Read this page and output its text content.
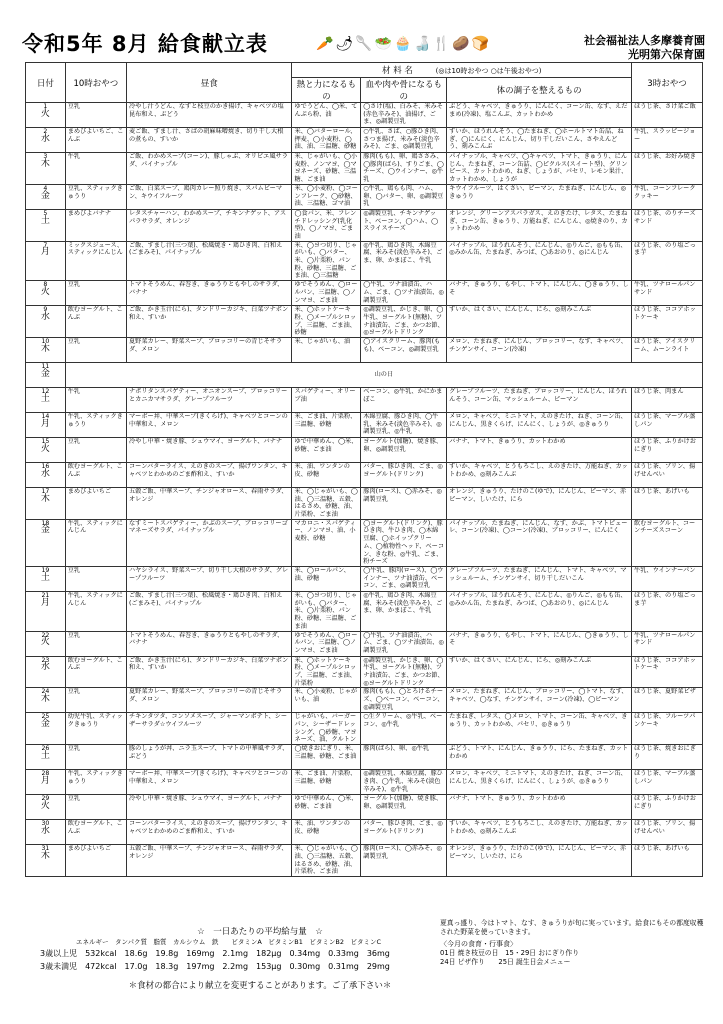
令和5年 8月 給食献立表	🥕🌶🥄🥗🧁🍶🍴🥔🍞	社会福祉法人多摩養育園
光明第六保育園
日付	10時おやつ	昼食	材 料 名 (◎は10時おやつ ○は午後おやつ)			3時おやつ
			熱と力になるもの	血や肉や骨になるもの	体の調子を整えるもの	
1
火	豆乳	冷やし汁うどん、なすと枝豆のかき揚げ、キャベツの塩昆布和え、ぶどう	ゆでうどん、◯米、てんぷら粉、油	◯さけ(塩)、白みそ、米みそ(赤色辛みそ)、油揚げ、ごま、◎調製豆乳	ぶどう、キャベツ、きゅうり、にんにく、コーン缶、なす、えだまめ(冷凍)、塩こんぶ、カットわかめ	ほうじ茶、さけ菜ご飯
2
水	まめびよいちご、こんぶ	麦ご飯、すまし汁、さばの胡麻味噌焼き、切り干し大根の煮もの、すいか	米、◯バターロール、押麦、◯小麦粉、◯油、油、三温糖、砂糖	○牛乳、さば、○豚ひき肉、さつま揚げ、米みそ(淡色辛みそ)、ごま、◎調製豆乳	すいか、ほうれんそう、◯たまねぎ、◯ホールトマト缶詰、ねぎ、◯にんにく、にんじん、切り干しだいこん、さやえんどう、刻みこんぶ	牛乳、スラッピージョー
3
木	牛乳	ご飯、わかめスープ(コーン)、豚しゃぶ、オリビエ風サラダ、パイナップル	米、じゃがいも、◯小麦粉、ノンマヨ、◯マヨネーズ、砂糖、三温糖、ごま油	豚肉(もも)、卵、鶏ささみ、◯豚肉(ばら)、すりごま、◯チーズ、◯ウインナー、◎牛乳	パイナップル、キャベツ、◯キャベツ、トマト、きゅうり、にんじん、たまねぎ、コーン缶詰、◯ピクルス(スイート型)、グリンピース、カットわかめ、ねぎ、しょうが、パセリ、レモン果汁、カットわかめ、しょうが	ほうじ茶、お好み焼き
4
金	豆乳、スティックきゅうり	ご飯、白菜スープ、鶏肉カレー照り焼き、スパムビーマン、キウイフルーツ	米、◯小麦粉、◯コーンフレーク、◯砂糖、油、三温糖、ゴマ油	○牛乳、鶏もも肉、ハム、卵、◯バター、卵、◎調製豆乳	キウイフルーツ、はくさい、ピーマン、たまねぎ、にんじん、◎きゅうり	牛乳、コーンフレーククッキー
5
土	まめびよバナナ	レタスチャーハン、わかめスープ、チキンナゲット、アスパラサラダ、オレンジ	◯食パン、米、フレンチドレッシング(乳化型)、◯ノマヨ、ごま油	◎調製豆乳、チキンナゲット、ベーコン、◯ハム、◯スライスチーズ	オレンジ、グリーンアスパラガス、えのきたけ、レタス、たまねぎ、コーン缶、きゅうり、万能ねぎ、にんじん、◎焼きのり、カットわかめ	ほうじ茶、のりチーズサンド
7
月	ミックスジュース、スティックにんじん	ご飯、すまし汁(三つ葉)、松風焼き・鶏ひき肉、白和え(ごまみそ)、パイナップル	米、◯ヨつ切り、じゃがいも、◯バター、米、◯片栗粉、パン粉、砂糖、三温糖、ごま油、◯三温糖	◎牛乳、鶏ひき肉、木綿豆腐、米みそ(淡色辛みそ)、ごま、卵、かまぼこ、牛乳	パイナップル、ほうれんそう、にんじん、◎りんご、◎もも缶、◎みかん缶、たまねぎ、みつば、◯あおのり、◎にんじん	ほうじ茶、のり塩ごっま芋
8
火	豆乳	トマトそうめん、春巻き、きゅうりともやしのサラダ、バナナ	ゆでそうめん、◯ロールパン、三温糖、◯ノンマヨ、ごま油	◯牛乳、ツナ油漬缶、ハム、ごま、◯ツナ油漬缶、◎調製豆乳	バナナ、きゅうり、もやし、トマト、にんじん、◯きゅうり、しそ	牛乳、ツナロールパンサンド
9
水	飲むヨーグルト、こんぶ	ご飯、かき玉汁(にら)、タンドリーカジキ、白菜ツナポン和え、すいか	米、◯ホットケーキ粉、◯メープルシロップ、三温糖、ごま油、砂糖	◎調製豆乳、かじき、卵、◯牛乳、ヨーグルト(無糖)、ツナ油漬缶、ごま、かつお節、◎ヨーグルトドリンク	すいか、はくさい、にんじん、にら、◎刻みこんぶ	ほうじ茶、ココアホットケーキ
10
木	豆乳	夏野菜カレー、野菜スープ、ブロッコリーの青じそサラダ、メロン	米、じゃがいも、油	◯アイスクリーム、豚肉(もも)、ベーコン、◎調製豆乳	メロン、たまねぎ、にんじん、ブロッコリー、なす、キャベツ、チンゲンサイ、コーン(冷凍)	ほうじ茶、アイスクリーム、ムーンライト
11
金	山の日					
12
土	牛乳	ナポリタンスパゲティー、オニオンスープ、ブロッコリーとカニカマサラダ、グレープフルーツ	スパゲティー、オリーブ油	ベーコン、◎牛乳、かにかまぼこ	グレープフルーツ、たまねぎ、ブロッコリー、にんじん、ほうれんそう、コーン缶、マッシュルーム、ピーマン	ほうじ茶、肉まん
14
月	牛乳、スティックきゅうり	マーボー丼、中華スープ(きくらげ)、キャベツとコーンの中華和え、メロン	米、ごま油、片栗粉、三温糖、砂糖	木綿豆腐、豚ひき肉、◯牛乳、米みそ(淡色辛みそ)、◎調製豆乳、◎牛乳	メロン、キャベツ、ミニトマト、えのきたけ、ねぎ、コーン缶、にんじん、黒きくらげ、にんにく、しょうが、◎きゅうり	ほうじ茶、マーブル蒸しパン
15
火	豆乳	冷やし中華・焼き豚、シュウマイ、ヨーグルト、バナナ	ゆで中華めん、◯米、砂糖、ごま油	ヨーグルト(加糖)、焼き豚、卵、◎調製豆乳	バナナ、トマト、きゅうり、カットわかめ	ほうじ茶、ふりかけおにぎり
16
水	飲むヨーグルト、こんぶ	コーンバターライス、えのきのスープ、揚げワンタン、キャベツとわかめのごま酢和え、すいか	米、油、ワンタンの皮、砂糖	バター、豚ひき肉、ごま、◎ヨーグルト(ドリンク)	すいか、キャベツ、とうもろこし、えのきたけ、万能ねぎ、カットわかめ、◎刻みこんぶ	ほうじ茶、プリン、揚げせんべい
17
木	まめびよいちご	五穀ご飯、中華スープ、チンジャオロース、春雨サラダ、オレンジ	米、◯じゃがいも、◯油、◯三温糖、五穀、はるさめ、砂糖、油、片栗粉、ごま油	豚肉(ロース)、◯赤みそ、◎調製豆乳	オレンジ、きゅうり、たけのこ(ゆで)、にんじん、ピーマン、赤ピーマン、しいたけ、にら	ほうじ茶、あげいも
18
金	牛乳、スティックにんじん	なすミートスパゲティー、かぶのスープ、ブロッコリーゴマネーズサラダ、パイナップル	マカロニ・スパゲティー、ノンマヨ、油、小麦粉、砂糖	◯ヨーグルト(ドリンク)、豚ひき肉、牛ひき肉、◯木綿豆腐、◯ホイップクリーム、◯植物性ヘッド、ベーコン、きな粉、◎牛乳、ごま、粉チーズ	パイナップル、たまねぎ、にんじん、なす、かぶ、トマトピューレ、コーン(冷凍)、◯コーン(冷凍)、ブロッコリー、にんにく	飲むヨーグルト、コーンチーズスコーン
19
土	豆乳	ハヤシライス、野菜スープ、切り干し大根のサラダ、グレープフルーツ	米、◯ロールパン、油、砂糖	◯牛乳、豚肉(ロース)、◯ウインナー、ツナ油漬缶、ベーコン、ごま、◎調製豆乳	グレープフルーツ、たまねぎ、にんじん、トマト、キャベツ、マッシュルーム、チンゲンサイ、切り干しだいこん	牛乳、ウインナーパン
21
月	牛乳、スティックにんじん	ご飯、すまし汁(三つ葉)、松風焼き・鶏ひき肉、白和え(ごまみそ)、パイナップル	米、◯ヨつ切り、じゃがいも、◯バター、米、◯片栗粉、パン粉、砂糖、三温糖、ごま油	◎牛乳、鶏ひき肉、木綿豆腐、米みそ(淡色辛みそ)、ごま、卵、かまぼこ、牛乳	パイナップル、ほうれんそう、にんじん、◎りんご、◎もも缶、◎みかん缶、たまねぎ、みつば、◯あおのり、◎にんじん	ほうじ茶、のり塩ごっま芋
22
火	豆乳	トマトそうめん、春巻き、きゅうりともやしのサラダ、バナナ	ゆでそうめん、◯ロールパン、三温糖、◯ノンマヨ、ごま油	◯牛乳、ツナ油漬缶、ハム、ごま、◯ツナ油漬缶、◎調製豆乳	バナナ、きゅうり、もやし、トマト、にんじん、◯きゅうり、しそ	牛乳、ツナロールパンサンド
23
水	飲むヨーグルト、こんぶ	ご飯、かき玉汁(にら)、タンドリーカジキ、白菜ツナポン和え、すいか	米、◯ホットケーキ粉、◯メープルシロップ、三温糖、ごま油、片栗粉	◎調製豆乳、かじき、卵、◯牛乳、ヨーグルト(無糖)、ツナ油漬缶、ごま、かつお節、◎ヨーグルトドリンク	すいか、はくさい、にんじん、にら、◎刻みこんぶ	ほうじ茶、ココアホットケーキ
24
木	豆乳	夏野菜カレー、野菜スープ、ブロッコリーの青じそサラダ、メロン	米、◯小麦粉、じゃがいも、油	豚肉(もも)、◯とろけるチーズ、◯ベーコン、ベーコン、◎調製豆乳	メロン、たまねぎ、にんじん、ブロッコリー、◯トマト、なす、キャベツ、◯なす、チンゲンサイ、コーン(冷凍)、◯ピーマン	ほうじ茶、夏野菜ピザ
25
金	幼児牛乳、スティックきゅうり	チキンタツタ、コンソメスープ、ジャーマンポテト、シーザーサラダ☆ウイフルーツ	じゃがいも、バーガーパン、シーザードレッシング、◯砂糖、マヨネーズ、油、クルトン	○生クリーム、◎牛乳、ベーコン、◎牛乳	たまねぎ、レタス、◯メロン、トマト、コーン缶、キャベツ、きゅうり、カットわかめ、パセリ、◎きゅうり	ほうじ茶、フルーツパンケーキ
26
土	豆乳	豚のしょうが丼、ニラ玉スープ、トマトの中華風サラダ、ぶどう	◯焼きおにぎり、米、三温糖、砂糖、ごま油	豚肉(ばら)、卵、◎牛乳	ぶどう、トマト、にんじん、きゅうり、にら、たまねぎ、カットわかめ	ほうじ茶、焼きおにぎり
28
月	牛乳、スティックきゅうり	マーボー丼、中華スープ(きくらげ)、キャベツとコーンの中華和え、メロン	米、ごま油、片栗粉、三温糖、砂糖	◎調製豆乳、木綿豆腐、豚ひき肉、◯牛乳、米みそ(淡色辛みそ)、◎牛乳	メロン、キャベツ、ミニトマト、えのきたけ、ねぎ、コーン缶、にんじん、黒きくらげ、にんにく、しょうが、◎きゅうり	ほうじ茶、マーブル蒸しパン
29
火	豆乳	冷やし中華・焼き豚、シュウマイ、ヨーグルト、バナナ	ゆで中華めん、◯米、砂糖、ごま油	ヨーグルト(加糖)、焼き豚、卵、◎調製豆乳	バナナ、トマト、きゅうり、カットわかめ	ほうじ茶、ふりかけおにぎり
30
水	飲むヨーグルト、こんぶ	コーンバターライス、えのきのスープ、揚げワンタン、キャベツとわかめのごま酢和え、すいか	米、油、ワンタンの皮、砂糖	バター、豚ひき肉、ごま、◎ヨーグルト(ドリンク)	すいか、キャベツ、とうもろこし、えのきたけ、万能ねぎ、カットわかめ、◎刻みこんぶ	ほうじ茶、プリン、揚げせんべい
31
木	まめびよいちご	五穀ご飯、中華スープ、チンジャオロース、春雨サラダ、オレンジ	米、◯じゃがいも、◯油、◯三温糖、五穀、はるさめ、砂糖、油、片栗粉、ごま油	豚肉(ロース)、◯赤みそ、◎調製豆乳	オレンジ、きゅうり、たけのこ(ゆで)、にんじん、ピーマン、赤ピーマン、しいたけ、にら	ほうじ茶、あげいも
☆　一日あたりの平均給与量　☆
エネルギー　タンパク質　脂質　カルシウム　鉄　　ビタミンA　ビタミンB1　ビタミンB2　ビタミンC
3歳以上児　532kcal　18.6g　19.8g　169mg　2.1mg　182μg　0.34mg　0.33mg　36mg
3歳未満児　472kcal　17.0g　18.3g　197mg　2.2mg　153μg　0.30mg　0.31mg　29mg
＊食材の都合により献立を変更することがあります。ご了承下さい＊
夏真っ盛り、今はトマト、なす、きゅうりが旬に実っています。給食にもその都度収穫された野菜を使っていきます。
〈今月の食育・行事食〉
01日 焼き枝豆の日　15・29日 おにぎり作り
24日 ピザ作り　　25日 誕生日会メニュー
